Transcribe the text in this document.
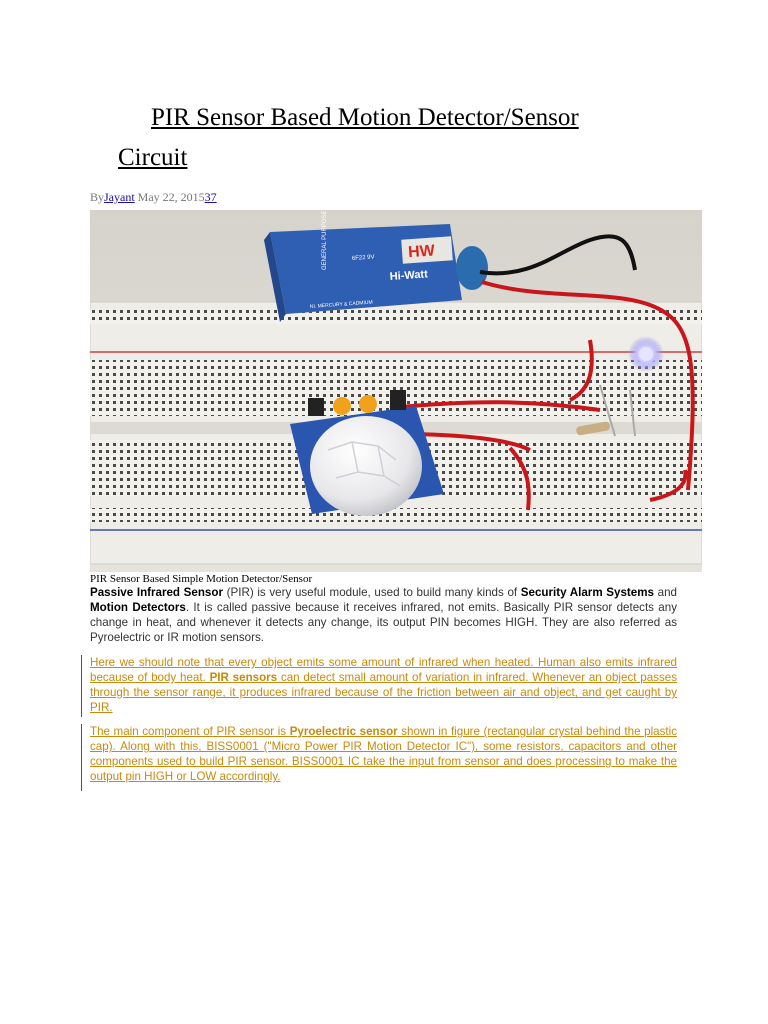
PIR Sensor Based Motion Detector/Sensor
Circuit
ByJayant May 22, 201537
HW
Hi-Watt
GENERAL PURPOSE	6F22 9V
NI. MERCURY & CADMIUM
PIR Sensor Based Simple Motion Detector/Sensor

Passive Infrared Sensor (PIR) is very useful module, used to build many kinds of Security Alarm Systems and Motion Detectors. It is called passive because it receives infrared, not emits. Basically PIR sensor detects any change in heat, and whenever it detects any change, its output PIN becomes HIGH. They are also referred as Pyroelectric or IR motion sensors.

Here we should note that every object emits some amount of infrared when heated. Human also emits infrared because of body heat. PIR sensors can detect small amount of variation in infrared. Whenever an object passes through the sensor range, it produces infrared because of the friction between air and object, and get caught by PIR.

The main component of PIR sensor is Pyroelectric sensor shown in figure (rectangular crystal behind the plastic cap). Along with this, BISS0001 ("Micro Power PIR Motion Detector IC"), some resistors, capacitors and other components used to build PIR sensor. BISS0001 IC take the input from sensor and does processing to make the output pin HIGH or LOW accordingly.
